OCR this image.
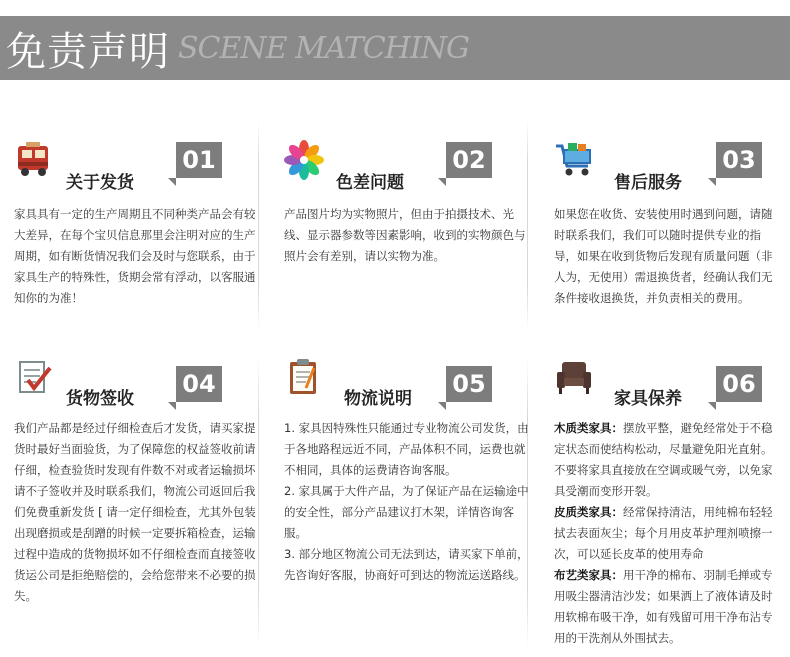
免责声明 SCENE MATCHING
关于发货
01
家具具有一定的生产周期且不同种类产品会有较大差异，在每个宝贝信息那里会注明对应的生产周期，如有断货情况我们会及时与您联系，由于家具生产的特殊性，货期会常有浮动，以客服通知你的为准！
色差问题
02
产品图片均为实物照片，但由于拍摄技术、光线、显示器参数等因素影响，收到的实物颜色与照片会有差别，请以实物为准。
售后服务
03
如果您在收货、安装使用时遇到问题，请随时联系我们，我们可以随时提供专业的指导，如果在收到货物后发现有质量问题（非人为，无使用）需退换货者，经确认我们无条件接收退换货，并负责相关的费用。
货物签收
04
我们产品都是经过仔细检查后才发货，请买家提货时最好当面验货，为了保障您的权益签收前请仔细，检查验货时发现有件数不对或者运输损坏请不子签收并及时联系我们，物流公司返回后我们免费重新发货 [ 请一定仔细检查，尤其外包装出现磨损或是刮蹭的时候一定要拆箱检查，运输过程中造成的货物损坏如不仔细检查而直接签收货运公司是拒绝赔偿的，会给您带来不必要的损失。
物流说明
05

1. 家具因特殊性只能通过专业物流公司发货，由于各地路程远近不同，产品体积不同，运费也就不相同，具体的运费请咨询客服。

2. 家具属于大件产品，为了保证产品在运输途中的安全性，部分产品建议打木架，详情咨询客服。

3. 部分地区物流公司无法到达，请买家下单前，先咨询好客服，协商好可到达的物流运送路线。

家具保养
06

木质类家具：摆放平整，避免经常处于不稳定状态而使结构松动，尽量避免阳光直射。不要将家具直接放在空调或暖气旁，以免家具受潮而变形开裂。

皮质类家具：经常保持清洁，用纯棉布轻轻拭去表面灰尘；每个月用皮革护理剂喷擦一次，可以延长皮革的使用寿命

布艺类家具：用干净的棉布、羽制毛掸或专用吸尘器清洁沙发；如果洒上了液体请及时用软棉布吸干净，如有残留可用干净布沾专用的干洗剂从外围拭去。
